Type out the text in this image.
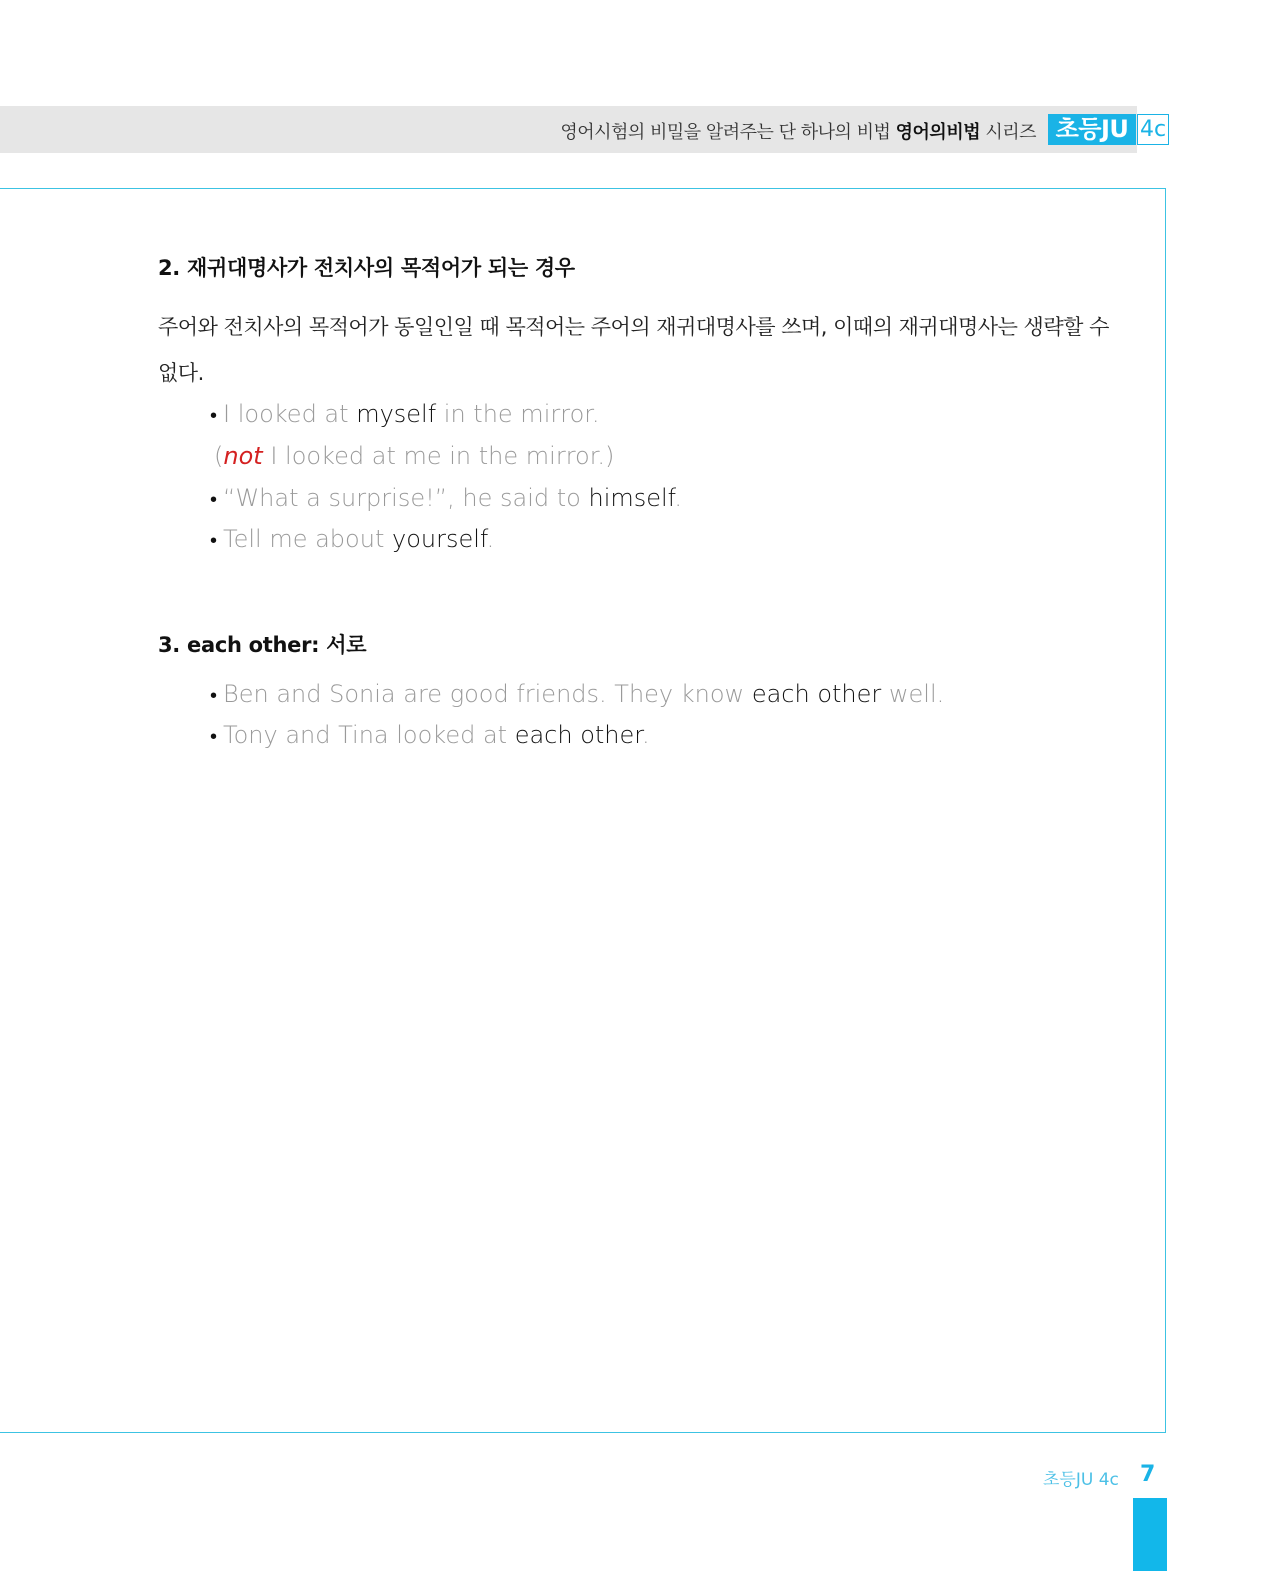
영어시험의 비밀을 알려주는 단 하나의 비법 영어의비법 시리즈 초등JU 4c
2. 재귀대명사가 전치사의 목적어가 되는 경우
주어와 전치사의 목적어가 동일인일 때 목적어는 주어의 재귀대명사를 쓰며, 이때의 재귀대명사는 생략할 수 없다.
• I looked at myself in the mirror.
(not I looked at me in the mirror.)
• “What a surprise!”, he said to himself.
• Tell me about yourself.
3. each other: 서로
• Ben and Sonia are good friends. They know each other well.
• Tony and Tina looked at each other.
초등JU 4c 7
